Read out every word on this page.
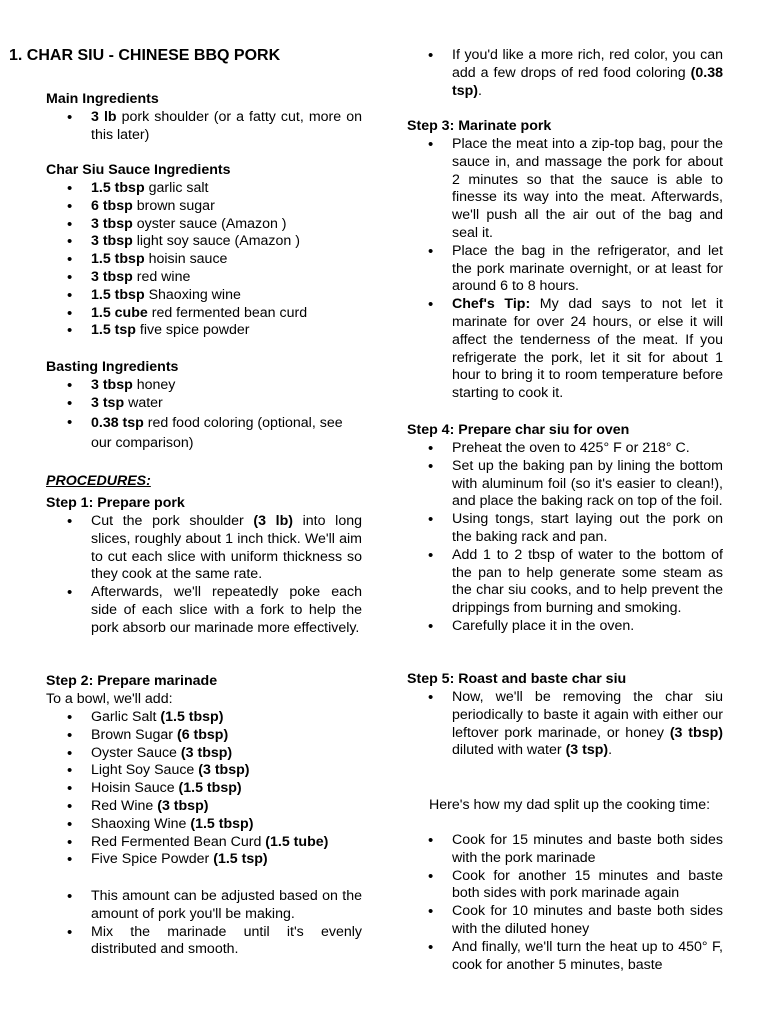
1. CHAR SIU - CHINESE BBQ PORK
Main Ingredients
• 3 lb pork shoulder (or a fatty cut, more on this later)
Char Siu Sauce Ingredients
• 1.5 tbsp garlic salt
• 6 tbsp brown sugar
• 3 tbsp oyster sauce (Amazon )
• 3 tbsp light soy sauce (Amazon )
• 1.5 tbsp hoisin sauce
• 3 tbsp red wine
• 1.5 tbsp Shaoxing wine
• 1.5 cube red fermented bean curd
• 1.5 tsp five spice powder
Basting Ingredients
• 3 tbsp honey
• 3 tsp water
• 0.38 tsp red food coloring (optional, see our comparison)
PROCEDURES:
Step 1: Prepare pork
• Cut the pork shoulder (3 lb) into long slices, roughly about 1 inch thick. We'll aim to cut each slice with uniform thickness so they cook at the same rate.
• Afterwards, we'll repeatedly poke each side of each slice with a fork to help the pork absorb our marinade more effectively.
Step 2: Prepare marinade
To a bowl, we'll add:
• Garlic Salt (1.5 tbsp)
• Brown Sugar (6 tbsp)
• Oyster Sauce (3 tbsp)
• Light Soy Sauce (3 tbsp)
• Hoisin Sauce (1.5 tbsp)
• Red Wine (3 tbsp)
• Shaoxing Wine (1.5 tbsp)
• Red Fermented Bean Curd (1.5 tube)
• Five Spice Powder (1.5 tsp)
• This amount can be adjusted based on the amount of pork you'll be making.
• Mix the marinade until it's evenly distributed and smooth.
• If you'd like a more rich, red color, you can add a few drops of red food coloring (0.38 tsp).
Step 3: Marinate pork
• Place the meat into a zip-top bag, pour the sauce in, and massage the pork for about 2 minutes so that the sauce is able to finesse its way into the meat. Afterwards, we'll push all the air out of the bag and seal it.
• Place the bag in the refrigerator, and let the pork marinate overnight, or at least for around 6 to 8 hours.
• Chef's Tip: My dad says to not let it marinate for over 24 hours, or else it will affect the tenderness of the meat. If you refrigerate the pork, let it sit for about 1 hour to bring it to room temperature before starting to cook it.
Step 4: Prepare char siu for oven
• Preheat the oven to 425° F or 218° C.
• Set up the baking pan by lining the bottom with aluminum foil (so it's easier to clean!), and place the baking rack on top of the foil.
• Using tongs, start laying out the pork on the baking rack and pan.
• Add 1 to 2 tbsp of water to the bottom of the pan to help generate some steam as the char siu cooks, and to help prevent the drippings from burning and smoking.
• Carefully place it in the oven.
Step 5: Roast and baste char siu
• Now, we'll be removing the char siu periodically to baste it again with either our leftover pork marinade, or honey (3 tbsp) diluted with water (3 tsp).
Here's how my dad split up the cooking time:
• Cook for 15 minutes and baste both sides with the pork marinade
• Cook for another 15 minutes and baste both sides with pork marinade again
• Cook for 10 minutes and baste both sides with the diluted honey
• And finally, we'll turn the heat up to 450° F, cook for another 5 minutes, baste
